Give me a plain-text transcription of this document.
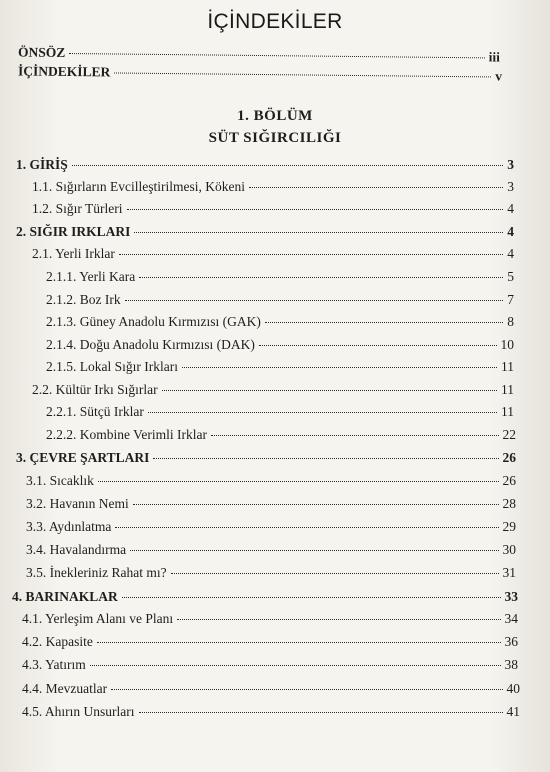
İÇİNDEKİLER
ÖNSÖZ	iii
İÇİNDEKİLER	v
1. BÖLÜM
SÜT SIĞIRCILIĞI
1. GİRİŞ	3
1.1. Sığırların Evcilleştirilmesi, Kökeni	3
1.2. Sığır Türleri	4
2. SIĞIR IRKLARI	4
2.1. Yerli Irklar	4
2.1.1. Yerli Kara	5
2.1.2. Boz Irk	7
2.1.3. Güney Anadolu Kırmızısı (GAK)	8
2.1.4. Doğu Anadolu Kırmızısı (DAK)	10
2.1.5. Lokal Sığır Irkları	11
2.2. Kültür Irkı Sığırlar	11
2.2.1. Sütçü Irklar	11
2.2.2. Kombine Verimli Irklar	22
3. ÇEVRE ŞARTLARI	26
3.1. Sıcaklık	26
3.2. Havanın Nemi	28
3.3. Aydınlatma	29
3.4. Havalandırma	30
3.5. İnekleriniz Rahat mı?	31
4. BARINAKLAR	33
4.1. Yerleşim Alanı ve Planı	34
4.2. Kapasite	36
4.3. Yatırım	38
4.4. Mevzuatlar	40
4.5. Ahırın Unsurları	41
